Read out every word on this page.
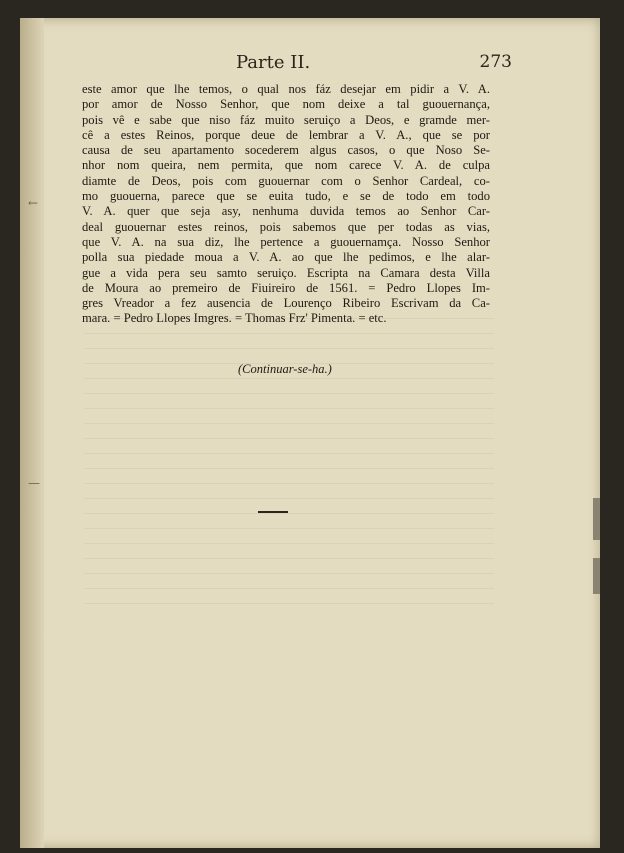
←
—
Parte II.	273
este amor que lhe temos, o qual nos fáz desejar em pidir a V. A.
por amor de Nosso Senhor, que nom deixe a tal guouernança,
pois vê e sabe que niso fáz muito seruiço a Deos, e gramde mer-
cê a estes Reinos, porque deue de lembrar a V. A., que se por
causa de seu apartamento socederem algus casos, o que Noso Se-
nhor nom queira, nem permita, que nom carece V. A. de culpa
diamte de Deos, pois com guouernar com o Senhor Cardeal, co-
mo guouerna, parece que se euita tudo, e se de todo em todo
V. A. quer que seja asy, nenhuma duvida temos ao Senhor Car-
deal guouernar estes reinos, pois sabemos que per todas as vias,
que V. A. na sua diz, lhe pertence a guouernamça. Nosso Senhor
polla sua piedade moua a V. A. ao que lhe pedimos, e lhe alar-
gue a vida pera seu samto seruiço. Escripta na Camara desta Villa
de Moura ao premeiro de Fiuireiro de 1561. = Pedro Llopes Im-
gres Vreador a fez ausencia de Lourenço Ribeiro Escrivam da Ca-
mara. = Pedro Llopes Imgres. = Thomas Frz' Pimenta. = etc.
(Continuar-se-ha.)
